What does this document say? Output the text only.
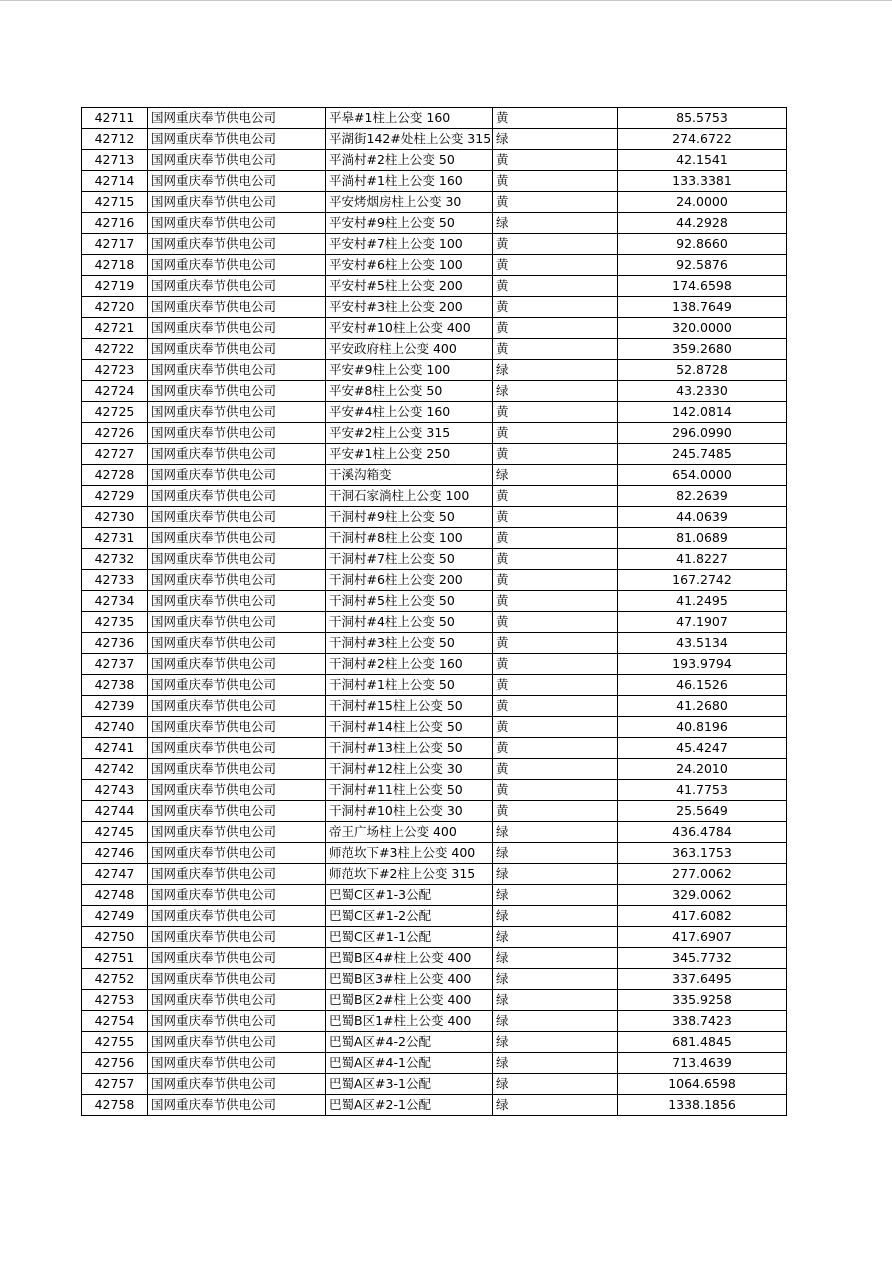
42711	国网重庆奉节供电公司	平皋#1柱上公变 160	黄	85.5753
42712	国网重庆奉节供电公司	平湖街142#处柱上公变 315	绿	274.6722
42713	国网重庆奉节供电公司	平淌村#2柱上公变 50	黄	42.1541
42714	国网重庆奉节供电公司	平淌村#1柱上公变 160	黄	133.3381
42715	国网重庆奉节供电公司	平安烤烟房柱上公变 30	黄	24.0000
42716	国网重庆奉节供电公司	平安村#9柱上公变 50	绿	44.2928
42717	国网重庆奉节供电公司	平安村#7柱上公变 100	黄	92.8660
42718	国网重庆奉节供电公司	平安村#6柱上公变 100	黄	92.5876
42719	国网重庆奉节供电公司	平安村#5柱上公变 200	黄	174.6598
42720	国网重庆奉节供电公司	平安村#3柱上公变 200	黄	138.7649
42721	国网重庆奉节供电公司	平安村#10柱上公变 400	黄	320.0000
42722	国网重庆奉节供电公司	平安政府柱上公变 400	黄	359.2680
42723	国网重庆奉节供电公司	平安#9柱上公变 100	绿	52.8728
42724	国网重庆奉节供电公司	平安#8柱上公变 50	绿	43.2330
42725	国网重庆奉节供电公司	平安#4柱上公变 160	黄	142.0814
42726	国网重庆奉节供电公司	平安#2柱上公变 315	黄	296.0990
42727	国网重庆奉节供电公司	平安#1柱上公变 250	黄	245.7485
42728	国网重庆奉节供电公司	干溪沟箱变	绿	654.0000
42729	国网重庆奉节供电公司	干洞石家淌柱上公变 100	黄	82.2639
42730	国网重庆奉节供电公司	干洞村#9柱上公变 50	黄	44.0639
42731	国网重庆奉节供电公司	干洞村#8柱上公变 100	黄	81.0689
42732	国网重庆奉节供电公司	干洞村#7柱上公变 50	黄	41.8227
42733	国网重庆奉节供电公司	干洞村#6柱上公变 200	黄	167.2742
42734	国网重庆奉节供电公司	干洞村#5柱上公变 50	黄	41.2495
42735	国网重庆奉节供电公司	干洞村#4柱上公变 50	黄	47.1907
42736	国网重庆奉节供电公司	干洞村#3柱上公变 50	黄	43.5134
42737	国网重庆奉节供电公司	干洞村#2柱上公变 160	黄	193.9794
42738	国网重庆奉节供电公司	干洞村#1柱上公变 50	黄	46.1526
42739	国网重庆奉节供电公司	干洞村#15柱上公变 50	黄	41.2680
42740	国网重庆奉节供电公司	干洞村#14柱上公变 50	黄	40.8196
42741	国网重庆奉节供电公司	干洞村#13柱上公变 50	黄	45.4247
42742	国网重庆奉节供电公司	干洞村#12柱上公变 30	黄	24.2010
42743	国网重庆奉节供电公司	干洞村#11柱上公变 50	黄	41.7753
42744	国网重庆奉节供电公司	干洞村#10柱上公变 30	黄	25.5649
42745	国网重庆奉节供电公司	帝王广场柱上公变 400	绿	436.4784
42746	国网重庆奉节供电公司	师范坎下#3柱上公变 400	绿	363.1753
42747	国网重庆奉节供电公司	师范坎下#2柱上公变 315	绿	277.0062
42748	国网重庆奉节供电公司	巴蜀C区#1-3公配	绿	329.0062
42749	国网重庆奉节供电公司	巴蜀C区#1-2公配	绿	417.6082
42750	国网重庆奉节供电公司	巴蜀C区#1-1公配	绿	417.6907
42751	国网重庆奉节供电公司	巴蜀B区4#柱上公变 400	绿	345.7732
42752	国网重庆奉节供电公司	巴蜀B区3#柱上公变 400	绿	337.6495
42753	国网重庆奉节供电公司	巴蜀B区2#柱上公变 400	绿	335.9258
42754	国网重庆奉节供电公司	巴蜀B区1#柱上公变 400	绿	338.7423
42755	国网重庆奉节供电公司	巴蜀A区#4-2公配	绿	681.4845
42756	国网重庆奉节供电公司	巴蜀A区#4-1公配	绿	713.4639
42757	国网重庆奉节供电公司	巴蜀A区#3-1公配	绿	1064.6598
42758	国网重庆奉节供电公司	巴蜀A区#2-1公配	绿	1338.1856
